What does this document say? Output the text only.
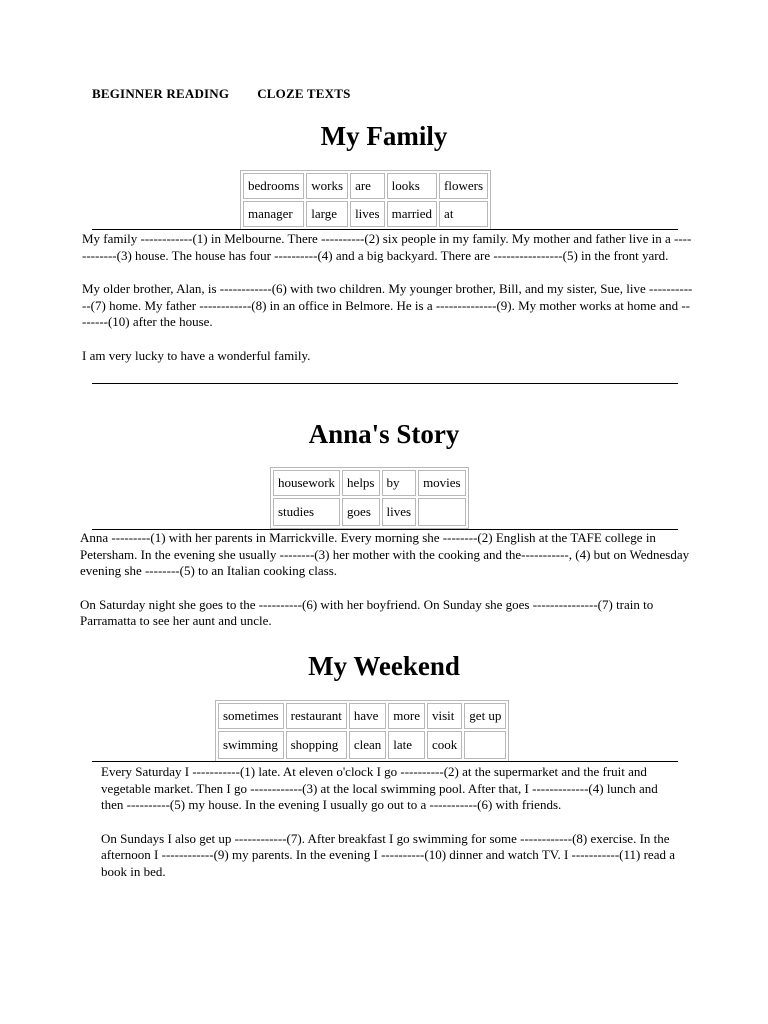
BEGINNER READING CLOZE TEXTS
My Family
bedrooms	works	are	looks	flowers
manager	large	lives	married	at

My family ------------(1) in Melbourne. There ----------(2) six people in my family. My mother and father live in a ------------(3) house. The house has four ----------(4) and a big backyard. There are ----------------(5) in the front yard.

My older brother, Alan, is ------------(6) with two children. My younger brother, Bill, and my sister, Sue, live ------------(7) home. My father ------------(8) in an office in Belmore. He is a --------------(9). My mother works at home and --------(10) after the house.

I am very lucky to have a wonderful family.

Anna's Story
housework	helps	by	movies
studies	goes	lives	

Anna ---------(1) with her parents in Marrickville. Every morning she --------(2) English at the TAFE college in Petersham. In the evening she usually --------(3) her mother with the cooking and the-----------, (4) but on Wednesday evening she --------(5) to an Italian cooking class.

On Saturday night she goes to the ----------(6) with her boyfriend. On Sunday she goes ---------------(7) train to Parramatta to see her aunt and uncle.

My Weekend
sometimes	restaurant	have	more	visit	get up
swimming	shopping	clean	late	cook	

Every Saturday I -----------(1) late. At eleven o'clock I go ----------(2) at the supermarket and the fruit and vegetable market. Then I go ------------(3) at the local swimming pool. After that, I -------------(4) lunch and then ----------(5) my house. In the evening I usually go out to a -----------(6) with friends.

On Sundays I also get up ------------(7). After breakfast I go swimming for some ------------(8) exercise. In the afternoon I ------------(9) my parents. In the evening I ----------(10) dinner and watch TV. I -----------(11) read a book in bed.
